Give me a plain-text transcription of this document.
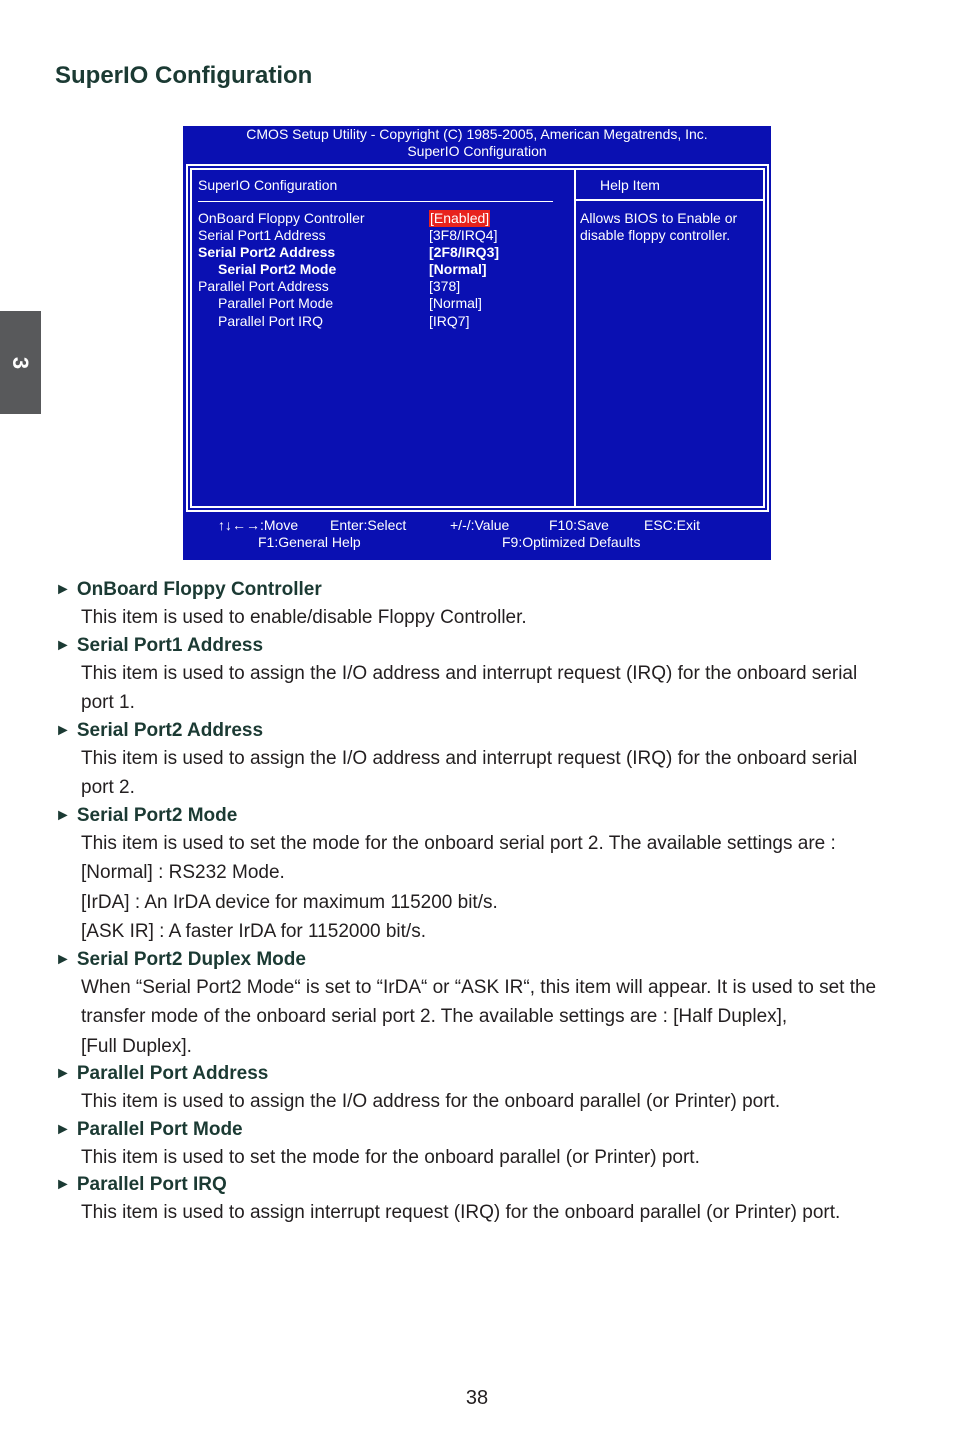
SuperIO Configuration
3
CMOS Setup Utility - Copyright (C) 1985-2005, American Megatrends, Inc.
SuperIO Configuration
SuperIO Configuration
OnBoard Floppy Controller	[Enabled]
Serial Port1 Address	[3F8/IRQ4]
Serial Port2 Address	[2F8/IRQ3]
Serial Port2 Mode	[Normal]
Parallel Port Address	[378]
Parallel Port Mode	[Normal]
Parallel Port IRQ	[IRQ7]
Help Item
Allows BIOS to Enable or disable floppy controller.
↑↓←→:Move Enter:Select	+/-/:Value	F10:Save	ESC:Exit
F1:General Help	F9:Optimized Defaults
► OnBoard Floppy Controller
This item is used to enable/disable Floppy Controller.
► Serial Port1 Address
This item is used to assign the I/O address and interrupt request (IRQ) for the onboard serial
port 1.
► Serial Port2 Address
This item is used to assign the I/O address and interrupt request (IRQ) for the onboard serial
port 2.
► Serial Port2 Mode
This item is used to set the mode for the onboard serial port 2. The available settings are :
[Normal] : RS232 Mode.
[IrDA] : An IrDA device for maximum 115200 bit/s.
[ASK IR] : A faster IrDA for 1152000 bit/s.
► Serial Port2 Duplex Mode
When “Serial Port2 Mode“ is set to “IrDA“ or “ASK IR“, this item will appear. It is used to set the
transfer mode of the onboard serial port 2. The available settings are : [Half Duplex],
[Full Duplex].
► Parallel Port Address
This item is used to assign the I/O address for the onboard parallel (or Printer) port.
► Parallel Port Mode
This item is used to set the mode for the onboard parallel (or Printer) port.
► Parallel Port IRQ
This item is used to assign interrupt request (IRQ) for the onboard parallel (or Printer) port.
38
